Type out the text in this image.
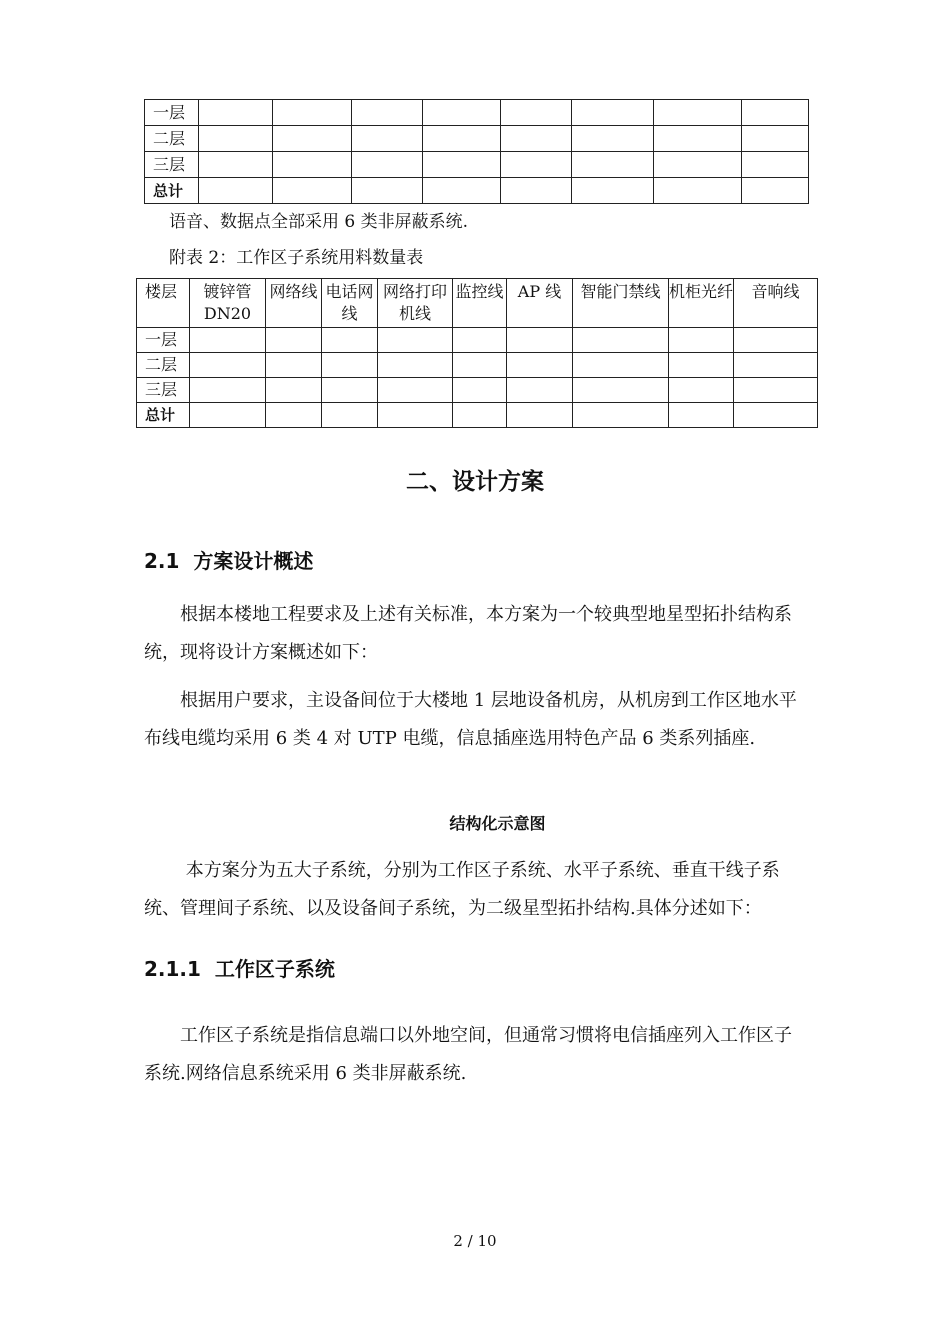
一层								
二层								
三层								
总计								
语音、数据点全部采用 6 类非屏蔽系统.
附表 2：工作区子系统用料数量表
楼层	镀锌管 DN20	网络线	电话网线	网络打印机线	监控线	AP 线	智能门禁线	机柜光纤	音响线
一层									
二层									
三层									
总计									
二、设计方案
2.1  方案设计概述
根据本楼地工程要求及上述有关标准，本方案为一个较典型地星型拓扑结构系统，现将设计方案概述如下：
根据用户要求，主设备间位于大楼地 1 层地设备机房，从机房到工作区地水平布线电缆均采用 6 类 4 对 UTP 电缆，信息插座选用特色产品 6 类系列插座.
结构化示意图
本方案分为五大子系统，分别为工作区子系统、水平子系统、垂直干线子系统、管理间子系统、以及设备间子系统，为二级星型拓扑结构.具体分述如下：
2.1.1  工作区子系统
工作区子系统是指信息端口以外地空间，但通常习惯将电信插座列入工作区子系统.网络信息系统采用 6 类非屏蔽系统.
2 / 10
